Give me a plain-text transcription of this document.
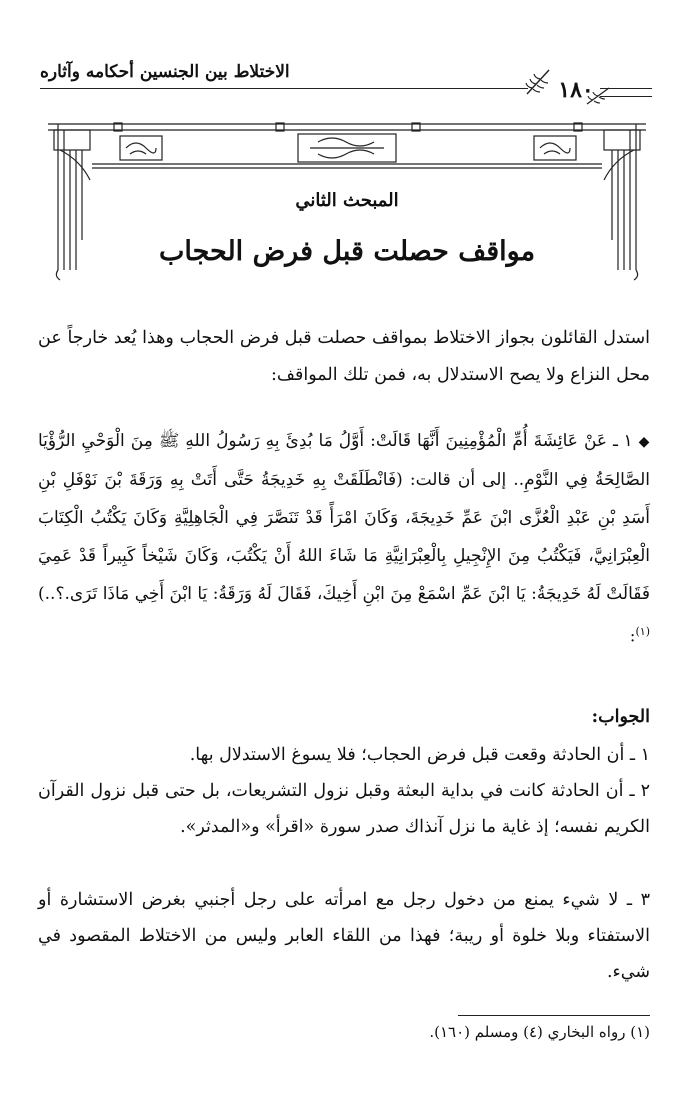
الاختلاط بين الجنسين أحكامه وآثاره
١٨٠
المبحث الثاني
مواقف حصلت قبل فرض الحجاب

استدل القائلون بجواز الاختلاط بمواقف حصلت قبل فرض الحجاب وهذا يُعد خارجاً عن محل النزاع ولا يصح الاستدلال به، فمن تلك المواقف:

◆ ١ ـ عَنْ عَائِشَةَ أُمِّ الْمُؤْمِنِينَ أَنَّهَا قَالَتْ: أَوَّلُ مَا بُدِئَ بِهِ رَسُولُ اللهِ ﷺ مِنَ الْوَحْيِ الرُّؤْيَا الصَّالِحَةُ فِي النَّوْمِ.. إلى أن قالت: (فَانْطَلَقَتْ بِهِ خَدِيجَةُ حَتَّى أَتَتْ بِهِ وَرَقَةَ بْنَ نَوْفَلِ بْنِ أَسَدِ بْنِ عَبْدِ الْعُزَّى ابْنَ عَمِّ خَدِيجَةَ، وَكَانَ امْرَأً قَدْ تَنَصَّرَ فِي الْجَاهِلِيَّةِ وَكَانَ يَكْتُبُ الْكِتَابَ الْعِبْرَانِيَّ، فَيَكْتُبُ مِنَ الإِنْجِيلِ بِالْعِبْرَانِيَّةِ مَا شَاءَ اللهُ أَنْ يَكْتُبَ، وَكَانَ شَيْخاً كَبِيراً قَدْ عَمِيَ فَقَالَتْ لَهُ خَدِيجَةُ: يَا ابْنَ عَمِّ اسْمَعْ مِنَ ابْنِ أَخِيكَ، فَقَالَ لَهُ وَرَقَةُ: يَا ابْنَ أَخِي مَاذَا تَرَى.؟..)$^{(١)}$:

الجواب:

١ ـ أن الحادثة وقعت قبل فرض الحجاب؛ فلا يسوغ الاستدلال بها.

٢ ـ أن الحادثة كانت في بداية البعثة وقبل نزول التشريعات، بل حتى قبل نزول القرآن الكريم نفسه؛ إذ غاية ما نزل آنذاك صدر سورة «اقرأ» و«المدثر».

٣ ـ لا شيء يمنع من دخول رجل مع امرأته على رجل أجنبي بغرض الاستشارة أو الاستفتاء وبلا خلوة أو ريبة؛ فهذا من اللقاء العابر وليس من الاختلاط المقصود في شيء.

(١) رواه البخاري (٤) ومسلم (١٦٠).
